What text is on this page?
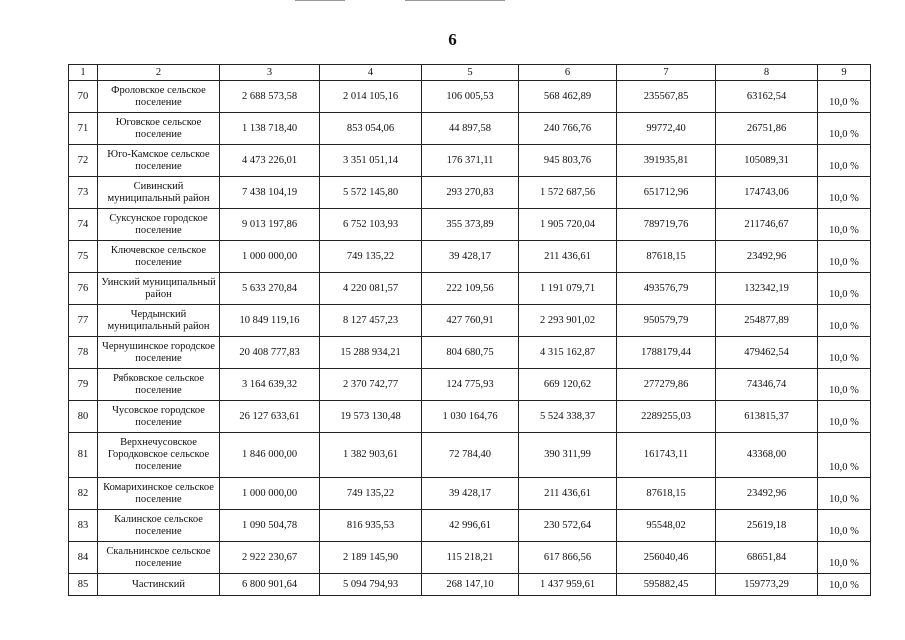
6
1	2	3	4	5	6	7	8	9
70	Фроловское сельское поселение	2 688 573,58	2 014 105,16	106 005,53	568 462,89	235567,85	63162,54	10,0 %
71	Юговское сельское поселение	1 138 718,40	853 054,06	44 897,58	240 766,76	99772,40	26751,86	10,0 %
72	Юго-Камское сельское поселение	4 473 226,01	3 351 051,14	176 371,11	945 803,76	391935,81	105089,31	10,0 %
73	Сивинский муниципальный район	7 438 104,19	5 572 145,80	293 270,83	1 572 687,56	651712,96	174743,06	10,0 %
74	Суксунское городское поселение	9 013 197,86	6 752 103,93	355 373,89	1 905 720,04	789719,76	211746,67	10,0 %
75	Ключевское сельское поселение	1 000 000,00	749 135,22	39 428,17	211 436,61	87618,15	23492,96	10,0 %
76	Уинский муниципальный район	5 633 270,84	4 220 081,57	222 109,56	1 191 079,71	493576,79	132342,19	10,0 %
77	Чердынский муниципальный район	10 849 119,16	8 127 457,23	427 760,91	2 293 901,02	950579,79	254877,89	10,0 %
78	Чернушинское городское поселение	20 408 777,83	15 288 934,21	804 680,75	4 315 162,87	1788179,44	479462,54	10,0 %
79	Рябковское сельское поселение	3 164 639,32	2 370 742,77	124 775,93	669 120,62	277279,86	74346,74	10,0 %
80	Чусовское городское поселение	26 127 633,61	19 573 130,48	1 030 164,76	5 524 338,37	2289255,03	613815,37	10,0 %
81	Верхнечусовское Городковское сельское поселение	1 846 000,00	1 382 903,61	72 784,40	390 311,99	161743,11	43368,00	10,0 %
82	Комарихинское сельское поселение	1 000 000,00	749 135,22	39 428,17	211 436,61	87618,15	23492,96	10,0 %
83	Калинское сельское поселение	1 090 504,78	816 935,53	42 996,61	230 572,64	95548,02	25619,18	10,0 %
84	Скальнинское сельское поселение	2 922 230,67	2 189 145,90	115 218,21	617 866,56	256040,46	68651,84	10,0 %
85	Частинский	6 800 901,64	5 094 794,93	268 147,10	1 437 959,61	595882,45	159773,29	10,0 %
